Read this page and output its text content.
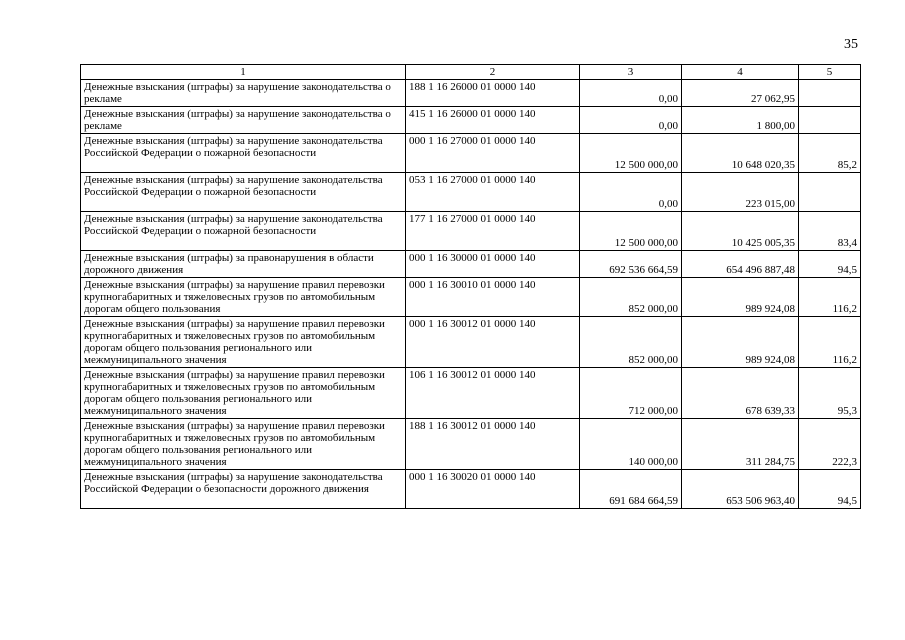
35
1	2	3	4	5
Денежные взыскания (штрафы) за нарушение законодательства о рекламе	188 1 16 26000 01 0000 140	0,00	27 062,95	
Денежные взыскания (штрафы) за нарушение законодательства о рекламе	415 1 16 26000 01 0000 140	0,00	1 800,00	
Денежные взыскания (штрафы) за нарушение законодательства Российской Федерации о пожарной безопасности	000 1 16 27000 01 0000 140	12 500 000,00	10 648 020,35	85,2
Денежные взыскания (штрафы) за нарушение законодательства Российской Федерации о пожарной безопасности	053 1 16 27000 01 0000 140	0,00	223 015,00	
Денежные взыскания (штрафы) за нарушение законодательства Российской Федерации о пожарной безопасности	177 1 16 27000 01 0000 140	12 500 000,00	10 425 005,35	83,4
Денежные взыскания (штрафы) за правонарушения в области дорожного движения	000 1 16 30000 01 0000 140	692 536 664,59	654 496 887,48	94,5
Денежные взыскания (штрафы) за нарушение правил перевозки крупногабаритных и тяжеловесных грузов по автомобильным дорогам общего пользования	000 1 16 30010 01 0000 140	852 000,00	989 924,08	116,2
Денежные взыскания (штрафы) за нарушение правил перевозки крупногабаритных и тяжеловесных грузов по автомобильным дорогам общего пользования регионального или межмуниципального значения	000 1 16 30012 01 0000 140	852 000,00	989 924,08	116,2
Денежные взыскания (штрафы) за нарушение правил перевозки крупногабаритных и тяжеловесных грузов по автомобильным дорогам общего пользования регионального или межмуниципального значения	106 1 16 30012 01 0000 140	712 000,00	678 639,33	95,3
Денежные взыскания (штрафы) за нарушение правил перевозки крупногабаритных и тяжеловесных грузов по автомобильным дорогам общего пользования регионального или межмуниципального значения	188 1 16 30012 01 0000 140	140 000,00	311 284,75	222,3
Денежные взыскания (штрафы) за нарушение законодательства Российской Федерации о безопасности дорожного движения	000 1 16 30020 01 0000 140	691 684 664,59	653 506 963,40	94,5
